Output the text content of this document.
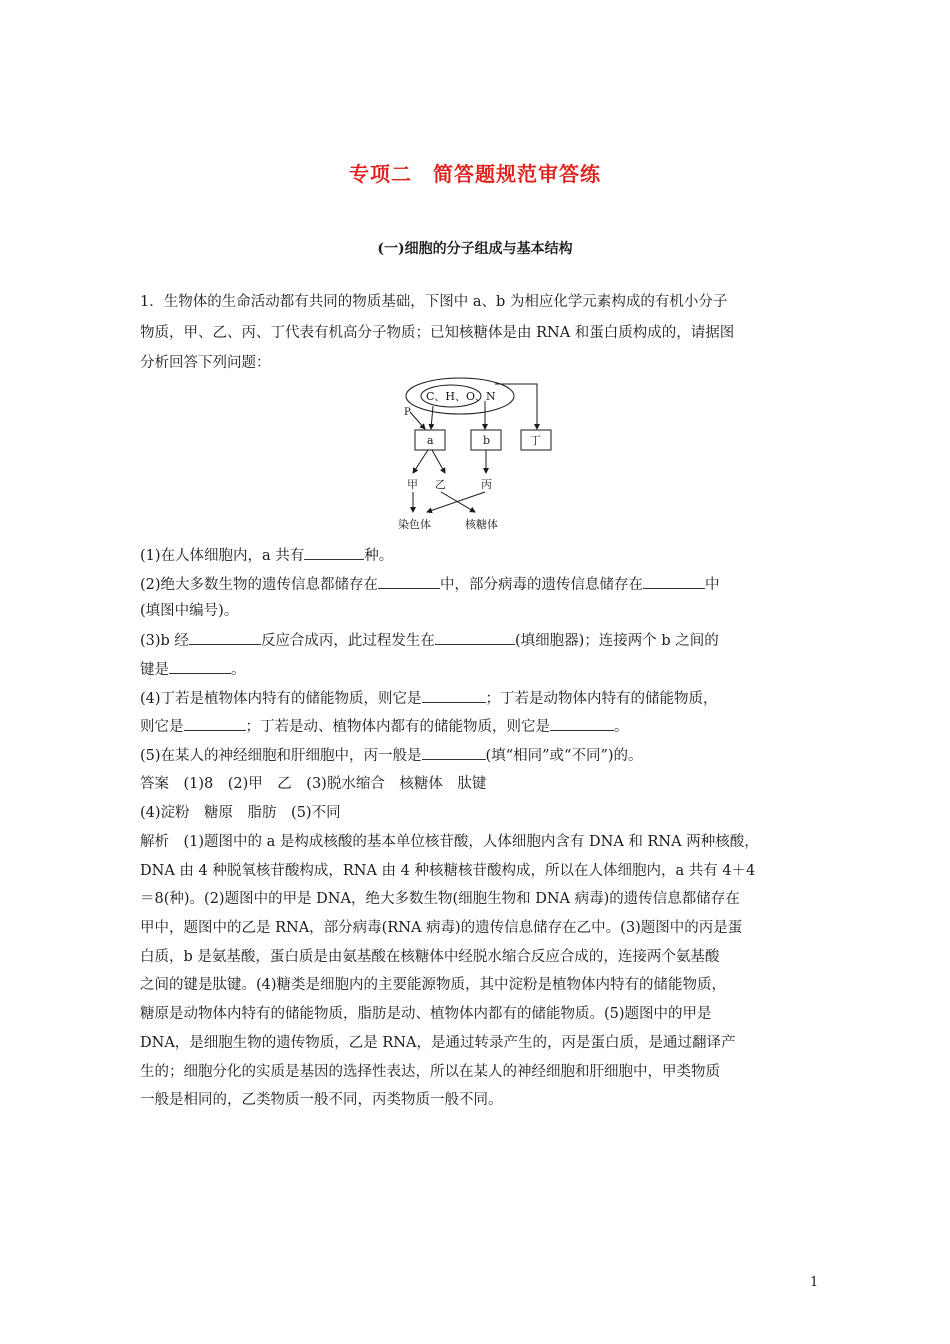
专项二　简答题规范审答练
(一)细胞的分子组成与基本结构
1．生物体的生命活动都有共同的物质基础，下图中 a、b 为相应化学元素构成的有机小分子
物质，甲、乙、丙、丁代表有机高分子物质；已知核糖体是由 RNA 和蛋白质构成的，请据图
分析回答下列问题：
C、H、O、N
P
a	b	丁
甲 乙	丙
染色体	核糖体
(1)在人体细胞内，a 共有	种。
(2)绝大多数生物的遗传信息都储存在	中，部分病毒的遗传信息储存在	中
(填图中编号)。
(3)b 经	反应合成丙，此过程发生在	(填细胞器)；连接两个 b 之间的
键是	。
(4)丁若是植物体内特有的储能物质，则它是	；丁若是动物体内特有的储能物质，
则它是	；丁若是动、植物体内都有的储能物质，则它是	。
(5)在某人的神经细胞和肝细胞中，丙一般是	(填“相同”或“不同”)的。
答案　(1)8　(2)甲　乙　(3)脱水缩合　核糖体　肽键
(4)淀粉　糖原　脂肪　(5)不同
解析　(1)题图中的 a 是构成核酸的基本单位核苷酸，人体细胞内含有 DNA 和 RNA 两种核酸，
DNA 由 4 种脱氧核苷酸构成，RNA 由 4 种核糖核苷酸构成，所以在人体细胞内，a 共有 4＋4
＝8(种)。(2)题图中的甲是 DNA，绝大多数生物(细胞生物和 DNA 病毒)的遗传信息都储存在
甲中，题图中的乙是 RNA，部分病毒(RNA 病毒)的遗传信息储存在乙中。(3)题图中的丙是蛋
白质，b 是氨基酸，蛋白质是由氨基酸在核糖体中经脱水缩合反应合成的，连接两个氨基酸
之间的键是肽键。(4)糖类是细胞内的主要能源物质，其中淀粉是植物体内特有的储能物质，
糖原是动物体内特有的储能物质，脂肪是动、植物体内都有的储能物质。(5)题图中的甲是
DNA，是细胞生物的遗传物质，乙是 RNA，是通过转录产生的，丙是蛋白质，是通过翻译产
生的；细胞分化的实质是基因的选择性表达，所以在某人的神经细胞和肝细胞中，甲类物质
一般是相同的，乙类物质一般不同，丙类物质一般不同。
1
